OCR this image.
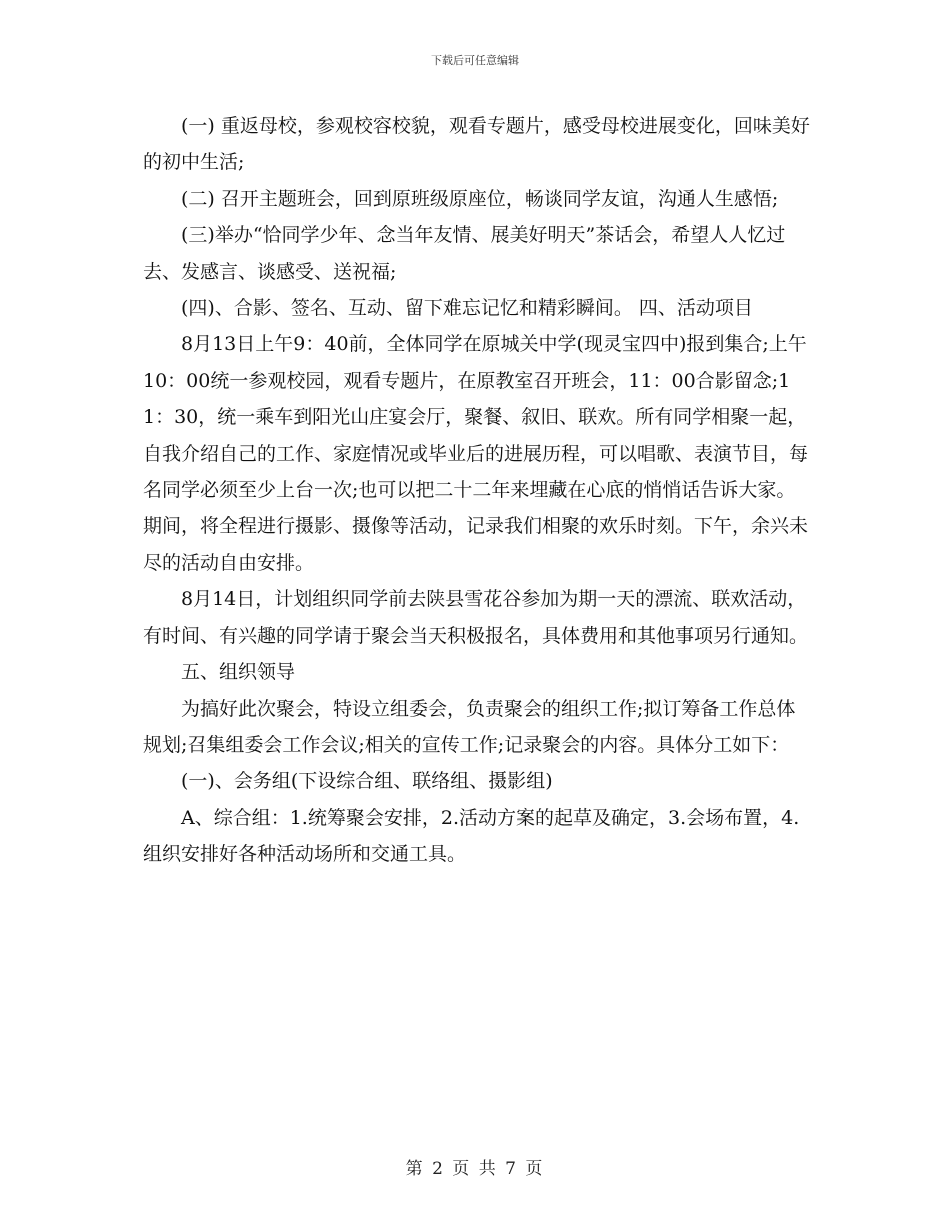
下载后可任意编辑

(一) 重返母校，参观校容校貌，观看专题片，感受母校进展变化，回味美好的初中生活;

(二) 召开主题班会，回到原班级原座位，畅谈同学友谊，沟通人生感悟;

(三)举办“恰同学少年、念当年友情、展美好明天”茶话会，希望人人忆过去、发感言、谈感受、送祝福;

(四)、合影、签名、互动、留下难忘记忆和精彩瞬间。 四、活动项目

8月13日上午9：40前，全体同学在原城关中学(现灵宝四中)报到集合;上午10：00统一参观校园，观看专题片，在原教室召开班会，11：00合影留念;11：30，统一乘车到阳光山庄宴会厅，聚餐、叙旧、联欢。所有同学相聚一起，自我介绍自己的工作、家庭情况或毕业后的进展历程，可以唱歌、表演节目，每名同学必须至少上台一次;也可以把二十二年来埋藏在心底的悄悄话告诉大家。期间，将全程进行摄影、摄像等活动，记录我们相聚的欢乐时刻。下午，余兴未尽的活动自由安排。

8月14日，计划组织同学前去陕县雪花谷参加为期一天的漂流、联欢活动，有时间、有兴趣的同学请于聚会当天积极报名，具体费用和其他事项另行通知。

五、组织领导

为搞好此次聚会，特设立组委会，负责聚会的组织工作;拟订筹备工作总体规划;召集组委会工作会议;相关的宣传工作;记录聚会的内容。具体分工如下：

(一)、会务组(下设综合组、联络组、摄影组)

A、综合组：1.统筹聚会安排，2.活动方案的起草及确定，3.会场布置，4.组织安排好各种活动场所和交通工具。

第 2 页 共 7 页
